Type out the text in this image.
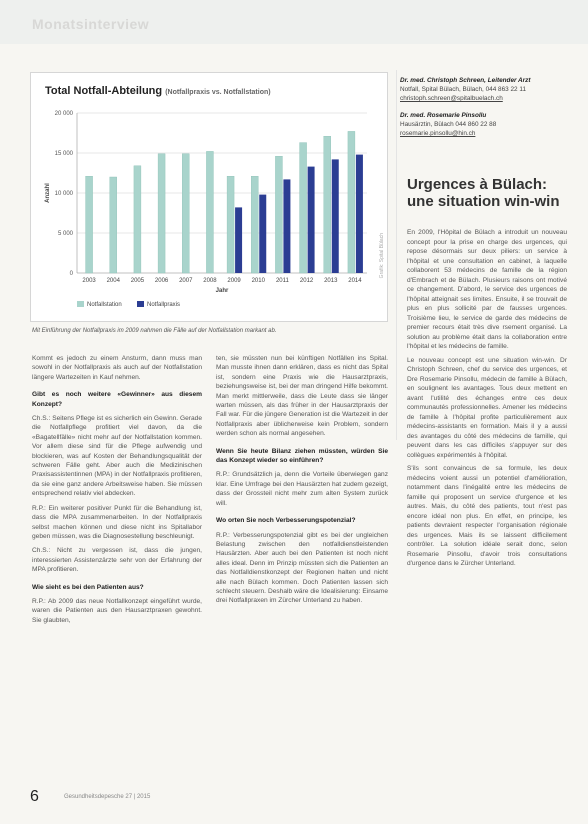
Monatsinterview
Total Notfall-Abteilung (Notfallpraxis vs. Notfallstation)
0
5 000
10 000
15 000
20 000
2003 2004 2005 2006 2007 2008 2009 2010 2011 2012 2013 2014
Jahr
Anzahl
Notfallstation	Notfallpraxis
Grafik: Spital Bülach
Mit Einführung der Notfallpraxis im 2009 nahmen die Fälle auf der Notfallstation markant ab.

Kommt es jedoch zu einem Ansturm, dann muss man sowohl in der Notfallpraxis als auch auf der Notfallstation längere Wartezeiten in Kauf nehmen.

Gibt es noch weitere «Gewinner» aus diesem Konzept?

Ch.S.: Seitens Pflege ist es sicherlich ein Gewinn. Gerade die Notfallpflege profitiert viel davon, da die «Bagatellfälle» nicht mehr auf der Notfallstation kommen. Vor allem diese sind für die Pflege aufwendig und blockieren, was auf Kosten der Behandlungsqualität der schweren Fälle geht. Aber auch die Medizinischen Praxisassistentinnen (MPA) in der Notfallpraxis profitieren, da sie eine ganz andere Arbeitsweise haben. Sie müssen entsprechend relativ viel abdecken.

R.P.: Ein weiterer positiver Punkt für die Behandlung ist, dass die MPA zusammenarbeiten. In der Notfallpraxis selbst machen können und diese nicht ins Spitallabor geben müssen, was die Diagnosestellung beschleunigt.

Ch.S.: Nicht zu vergessen ist, dass die jungen, interessierten Assistenzärzte sehr von der Erfahrung der MPA profitieren.

Wie sieht es bei den Patienten aus?

R.P.: Ab 2009 das neue Notfallkonzept eingeführt wurde, waren die Patienten aus den Hausarztpraxen gewohnt. Sie glaubten,

ten, sie müssten nun bei künftigen Notfällen ins Spital. Man musste ihnen dann erklären, dass es nicht das Spital ist, sondern eine Praxis wie die Hausarztpraxis, beziehungsweise ist, bei der man dringend Hilfe bekommt. Man merkt mittlerweile, dass die Leute dass sie länger warten müssen, als das früher in der Hausarztpraxis der Fall war. Für die jüngere Generation ist die Wartezeit in der Notfallpraxis aber üblicherweise kein Problem, sondern werden schon als normal angesehen.

Wenn Sie heute Bilanz ziehen müssten, würden Sie das Konzept wieder so einführen?

R.P.: Grundsätzlich ja, denn die Vorteile überwiegen ganz klar. Eine Umfrage bei den Hausärzten hat zudem gezeigt, dass der Grossteil nicht mehr zum alten System zurück will.

Wo orten Sie noch Verbesserungspotenzial?

R.P.: Verbesserungspotenzial gibt es bei der ungleichen Belastung zwischen den notfalldienstleistenden Hausärzten. Aber auch bei den Patienten ist noch nicht alles ideal. Denn im Prinzip müssten sich die Patienten an das Notfalldienstkonzept der Regionen halten und nicht alle nach Bülach kommen. Doch Patienten lassen sich schlecht steuern. Deshalb wäre die Idealisierung: Einsame drei Notfallpraxen im Zürcher Unterland zu haben.

Dr. med. Christoph Schreen, Leitender Arzt
Notfall, Spital Bülach, Bülach, 044 863 22 11
christoph.schreen@spitalbuelach.ch
Dr. med. Rosemarie Pinsollu
Hausärztin, Bülach 044 860 22 88
rosemarie.pinsollu@hin.ch
Urgences à Bülach: une situation win-win

En 2009, l'Hôpital de Bülach a introduit un nouveau concept pour la prise en charge des urgences, qui repose désormais sur deux piliers: un service à l'hôpital et une consultation en cabinet, à laquelle collaborent 53 médecins de famille de la région d'Embrach et de Bülach. Plusieurs raisons ont motivé ce changement. D'abord, le service des urgences de l'hôpital atteignait ses limites. Ensuite, il se trouvait de plus en plus sollicité par de fausses urgences. Troisième lieu, le service de garde des médecins de premier recours était très dive rsement organisé. La solution au problème était dans la collaboration entre l'hôpital et les médecins de famille.

Le nouveau concept est une situation win-win. Dr Christoph Schreen, chef du service des urgences, et Dre Rosemarie Pinsollu, médecin de famille à Bülach, en soulignent les avantages. Tous deux mettent en avant l'utilité des échanges entre ces deux communautés professionnelles. Amener les médecins de famille à l'hôpital profite particulièrement aux médecins-assistants en formation. Mais il y a aussi des avantages du côté des médecins de famille, qui peuvent dans les cas difficiles s'appuyer sur des collègues expérimentés à l'hôpital.

S'ils sont convaincus de sa formule, les deux médecins voient aussi un potentiel d'amélioration, notamment dans l'inégalité entre les médecins de famille qui proposent un service d'urgence et les autres. Mais, du côté des patients, tout n'est pas encore idéal non plus. En effet, en principe, les patients devraient respecter l'organisation régionale des urgences. Mais ils se laissent difficilement contrôler. La solution idéale serait donc, selon Rosemarie Pinsollu, d'avoir trois consultations d'urgence dans le Zürcher Unterland.

6	Gesundheitsdepesche 27 | 2015
